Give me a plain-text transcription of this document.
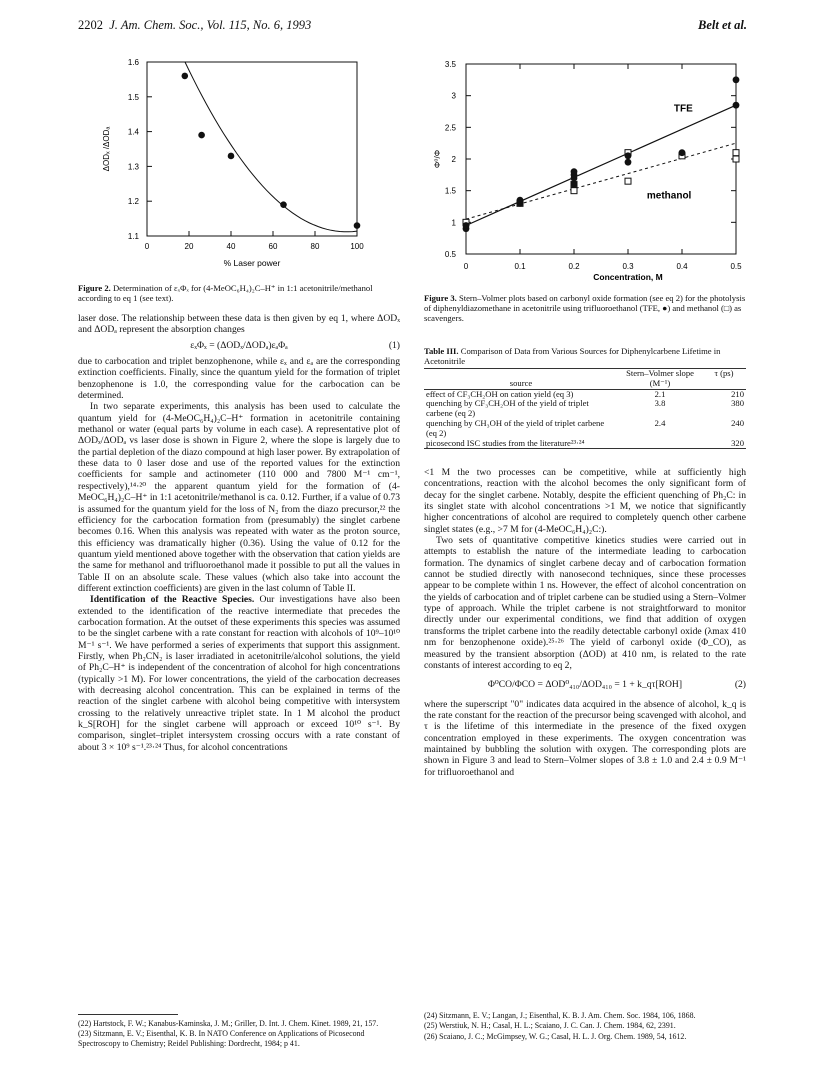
2202 J. Am. Chem. Soc., Vol. 115, No. 6, 1993	Belt et al.
0	20	40	60	80	100
1.1
1.2
1.3
1.4
1.5
1.6
% Laser power
ΔODₓ /ΔODₐ
Figure 2. Determination of εₓΦₓ for (4-MeOC₆H₄)₂C–H⁺ in 1:1 acetonitrile/methanol according to eq 1 (see text).
0	0.1	0.2	0.3	0.4	0.5
0.5
1
1.5
2
2.5
3
3.5
Concentration, M
Φ⁰/Φ
TFE
methanol
Figure 3. Stern–Volmer plots based on carbonyl oxide formation (see eq 2) for the photolysis of diphenyldiazomethane in acetonitrile using trifluoroethanol (TFE, ●) and methanol (□) as scavengers.

laser dose. The relationship between these data is then given by eq 1, where ΔODₓ and ΔODₐ represent the absorption changes

εₓΦₓ = (ΔODₓ/ΔODₐ)εₐΦₐ	(1)

due to carbocation and triplet benzophenone, while εₓ and εₐ are the corresponding extinction coefficients. Finally, since the quantum yield for the formation of triplet benzophenone is 1.0, the corresponding value for the carbocation can be determined.

In two separate experiments, this analysis has been used to calculate the quantum yield for (4-MeOC₆H₄)₂C–H⁺ formation in acetonitrile containing methanol or water (equal parts by volume in each case). A representative plot of ΔODₓ/ΔODₐ vs laser dose is shown in Figure 2, where the slope is largely due to the partial depletion of the diazo compound at high laser power. By extrapolation of these data to 0 laser dose and use of the reported values for the extinction coefficients for sample and actinometer (110 000 and 7800 M⁻¹ cm⁻¹, respectively),¹⁴·²⁰ the apparent quantum yield for the formation of (4-MeOC₆H₄)₂C–H⁺ in 1:1 acetonitrile/methanol is ca. 0.12. Further, if a value of 0.73 is assumed for the quantum yield for the loss of N₂ from the diazo precursor,²² the efficiency for the carbocation formation from (presumably) the singlet carbene becomes 0.16. When this analysis was repeated with water as the proton source, this efficiency was dramatically higher (0.36). Using the value of 0.12 for the quantum yield mentioned above together with the observation that cation yields are the same for methanol and trifluoroethanol made it possible to put all the values in Table II on an absolute scale. These values (which also take into account the different extinction coefficients) are given in the last column of Table II.

Identification of the Reactive Species. Our investigations have also been extended to the identification of the reactive intermediate that precedes the carbocation formation. At the outset of these experiments this species was assumed to be the singlet carbene with a rate constant for reaction with alcohols of 10⁹–10¹⁰ M⁻¹ s⁻¹. We have performed a series of experiments that support this assignment. Firstly, when Ph₂CN₂ is laser irradiated in acetonitrile/alcohol solutions, the yield of Ph₂C–H⁺ is independent of the concentration of alcohol for high concentrations (typically >1 M). For lower concentrations, the yield of the carbocation decreases with decreasing alcohol concentration. This can be explained in terms of the reaction of the singlet carbene with alcohol being competitive with intersystem crossing to the relatively unreactive triplet state. In 1 M alcohol the product k_S[ROH] for the singlet carbene will approach or exceed 10¹⁰ s⁻¹. By comparison, singlet–triplet intersystem crossing occurs with a rate constant of about 3 × 10⁹ s⁻¹.²³·²⁴ Thus, for alcohol concentrations

Table III. Comparison of Data from Various Sources for Diphenylcarbene Lifetime in Acetonitrile
source	Stern–Volmer slope (M⁻¹)	τ (ps)
effect of CF₃CH₂OH on cation yield (eq 3)	2.1	210
quenching by CF₃CH₂OH of the yield of triplet carbene (eq 2)	3.8	380
quenching by CH₃OH of the yield of triplet carbene (eq 2)	2.4	240
picosecond ISC studies from the literature²³·²⁴		320

<1 M the two processes can be competitive, while at sufficiently high concentrations, reaction with the alcohol becomes the only significant form of decay for the singlet carbene. Notably, despite the efficient quenching of Ph₂C: in its singlet state with alcohol concentrations >1 M, we notice that significantly higher concentrations of alcohol are required to completely quench other carbene singlet states (e.g., >7 M for (4-MeOC₆H₄)₂C:).

Two sets of quantitative competitive kinetics studies were carried out in attempts to establish the nature of the intermediate leading to carbocation formation. The dynamics of singlet carbene decay and of carbocation formation cannot be studied directly with nanosecond techniques, since these processes appear to be complete within 1 ns. However, the effect of alcohol concentration on the yields of carbocation and of triplet carbene can be studied using a Stern–Volmer type of approach. While the triplet carbene is not straightforward to monitor directly under our experimental conditions, we find that addition of oxygen transforms the triplet carbene into the readily detectable carbonyl oxide (λmax 410 nm for benzophenone oxide).²⁵·²⁶ The yield of carbonyl oxide (Φ_CO), as measured by the transient absorption (ΔOD) at 410 nm, is related to the rate constants of interest according to eq 2,

Φ⁰CO/ΦCO = ΔOD⁰₄₁₀/ΔOD₄₁₀ = 1 + k_qτ[ROH]	(2)

where the superscript "0" indicates data acquired in the absence of alcohol, k_q is the rate constant for the reaction of the precursor being scavenged with alcohol, and τ is the lifetime of this intermediate in the presence of the fixed oxygen concentration employed in these experiments. The oxygen concentration was maintained by bubbling the solution with oxygen. The corresponding plots are shown in Figure 3 and lead to Stern–Volmer slopes of 3.8 ± 1.0 and 2.4 ± 0.9 M⁻¹ for trifluoroethanol and

(22) Hartstock, F. W.; Kanabus-Kaminska, J. M.; Griller, D. Int. J. Chem. Kinet. 1989, 21, 157.
(23) Sitzmann, E. V.; Eisenthal, K. B. In NATO Conference on Applications of Picosecond Spectroscopy to Chemistry; Reidel Publishing: Dordrecht, 1984; p 41.
(24) Sitzmann, E. V.; Langan, J.; Eisenthal, K. B. J. Am. Chem. Soc. 1984, 106, 1868.
(25) Werstiuk, N. H.; Casal, H. L.; Scaiano, J. C. Can. J. Chem. 1984, 62, 2391.
(26) Scaiano, J. C.; McGimpsey, W. G.; Casal, H. L. J. Org. Chem. 1989, 54, 1612.
